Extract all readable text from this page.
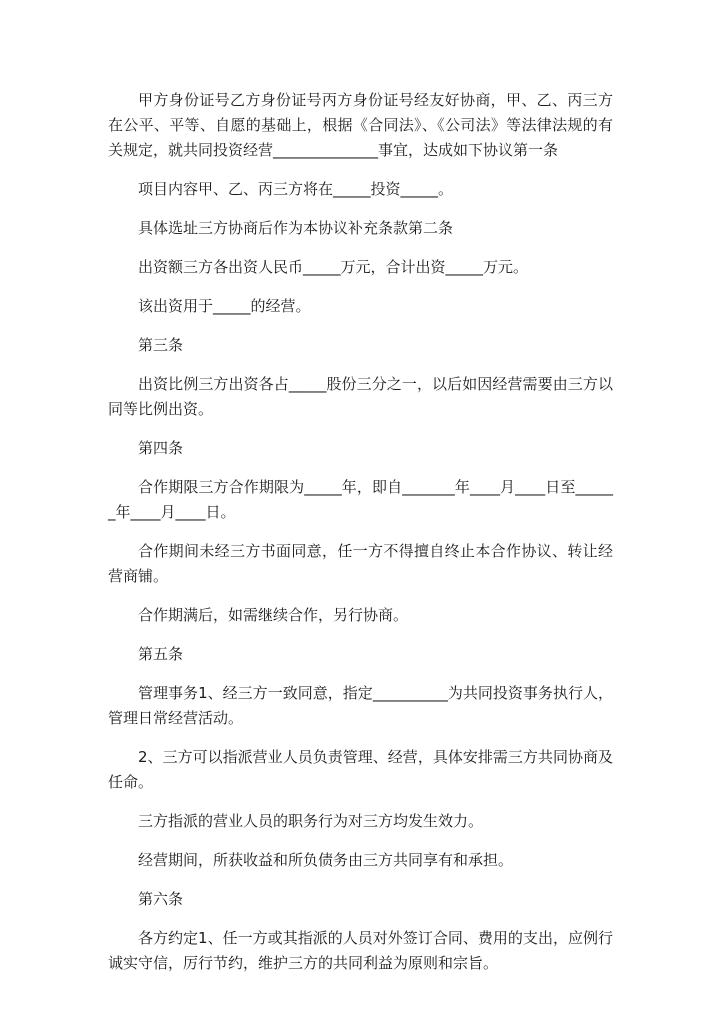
甲方身份证号乙方身份证号丙方身份证号经友好协商，甲、乙、丙三方在公平、平等、自愿的基础上，根据《合同法》、《公司法》等法律法规的有关规定，就共同投资经营______________事宜，达成如下协议第一条

项目内容甲、乙、丙三方将在_____投资_____。

具体选址三方协商后作为本协议补充条款第二条

出资额三方各出资人民币_____万元，合计出资_____万元。

该出资用于_____的经营。

第三条

出资比例三方出资各占_____股份三分之一，以后如因经营需要由三方以同等比例出资。

第四条

合作期限三方合作期限为_____年，即自_______年____月____日至______年____月____日。

合作期间未经三方书面同意，任一方不得擅自终止本合作协议、转让经营商铺。

合作期满后，如需继续合作，另行协商。

第五条

管理事务1、经三方一致同意，指定__________为共同投资事务执行人，管理日常经营活动。

2、三方可以指派营业人员负责管理、经营，具体安排需三方共同协商及任命。

三方指派的营业人员的职务行为对三方均发生效力。

经营期间，所获收益和所负债务由三方共同享有和承担。

第六条

各方约定1、任一方或其指派的人员对外签订合同、费用的支出，应例行诚实守信，厉行节约，维护三方的共同利益为原则和宗旨。
